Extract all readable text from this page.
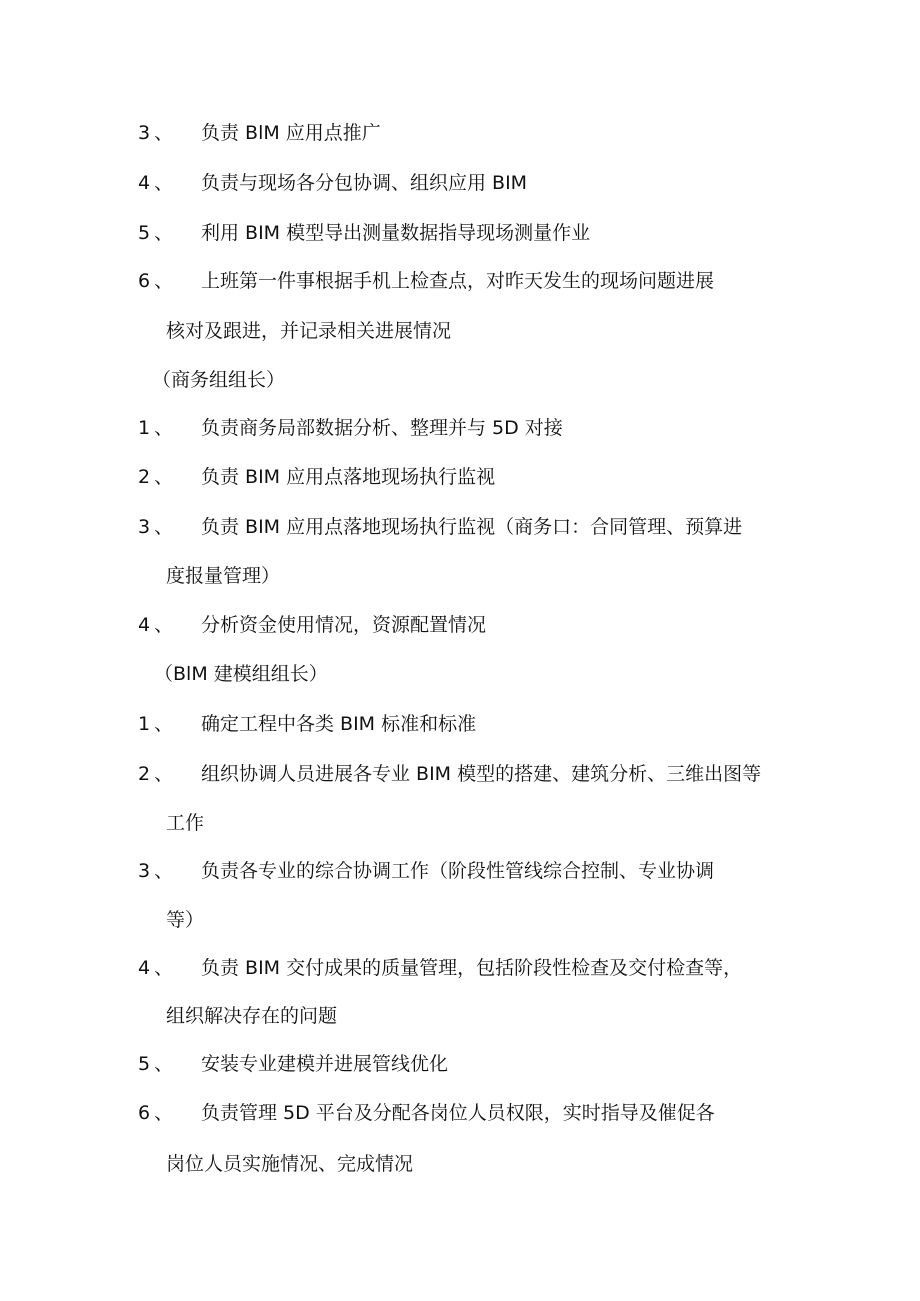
3 、 负责 BlM 应用点推广
4 、 负责与现场各分包协调、组织应用 BIM
5 、 利用 BIM 模型导出测量数据指导现场测量作业
6 、 上班第一件事根据手机上检查点，对昨天发生的现场问题进展
核对及跟进，并记录相关进展情况
（商务组组长）
1 、 负责商务局部数据分析、整理并与 5D 对接
2 、 负责 BIM 应用点落地现场执行监视
3 、 负责 BIM 应用点落地现场执行监视（商务口：合同管理、预算进
度报量管理）
4 、 分析资金使用情况，资源配置情况
（BlM 建模组组长）
1 、 确定工程中各类 BIM 标准和标准
2 、 组织协调人员进展各专业 BIM 模型的搭建、建筑分析、三维出图等
工作
3 、 负责各专业的综合协调工作（阶段性管线综合控制、专业协调
等）
4 、 负责 BIM 交付成果的质量管理，包括阶段性检查及交付检查等，
组织解决存在的问题
5 、 安装专业建模并进展管线优化
6 、 负责管理 5D 平台及分配各岗位人员权限，实时指导及催促各
岗位人员实施情况、完成情况
